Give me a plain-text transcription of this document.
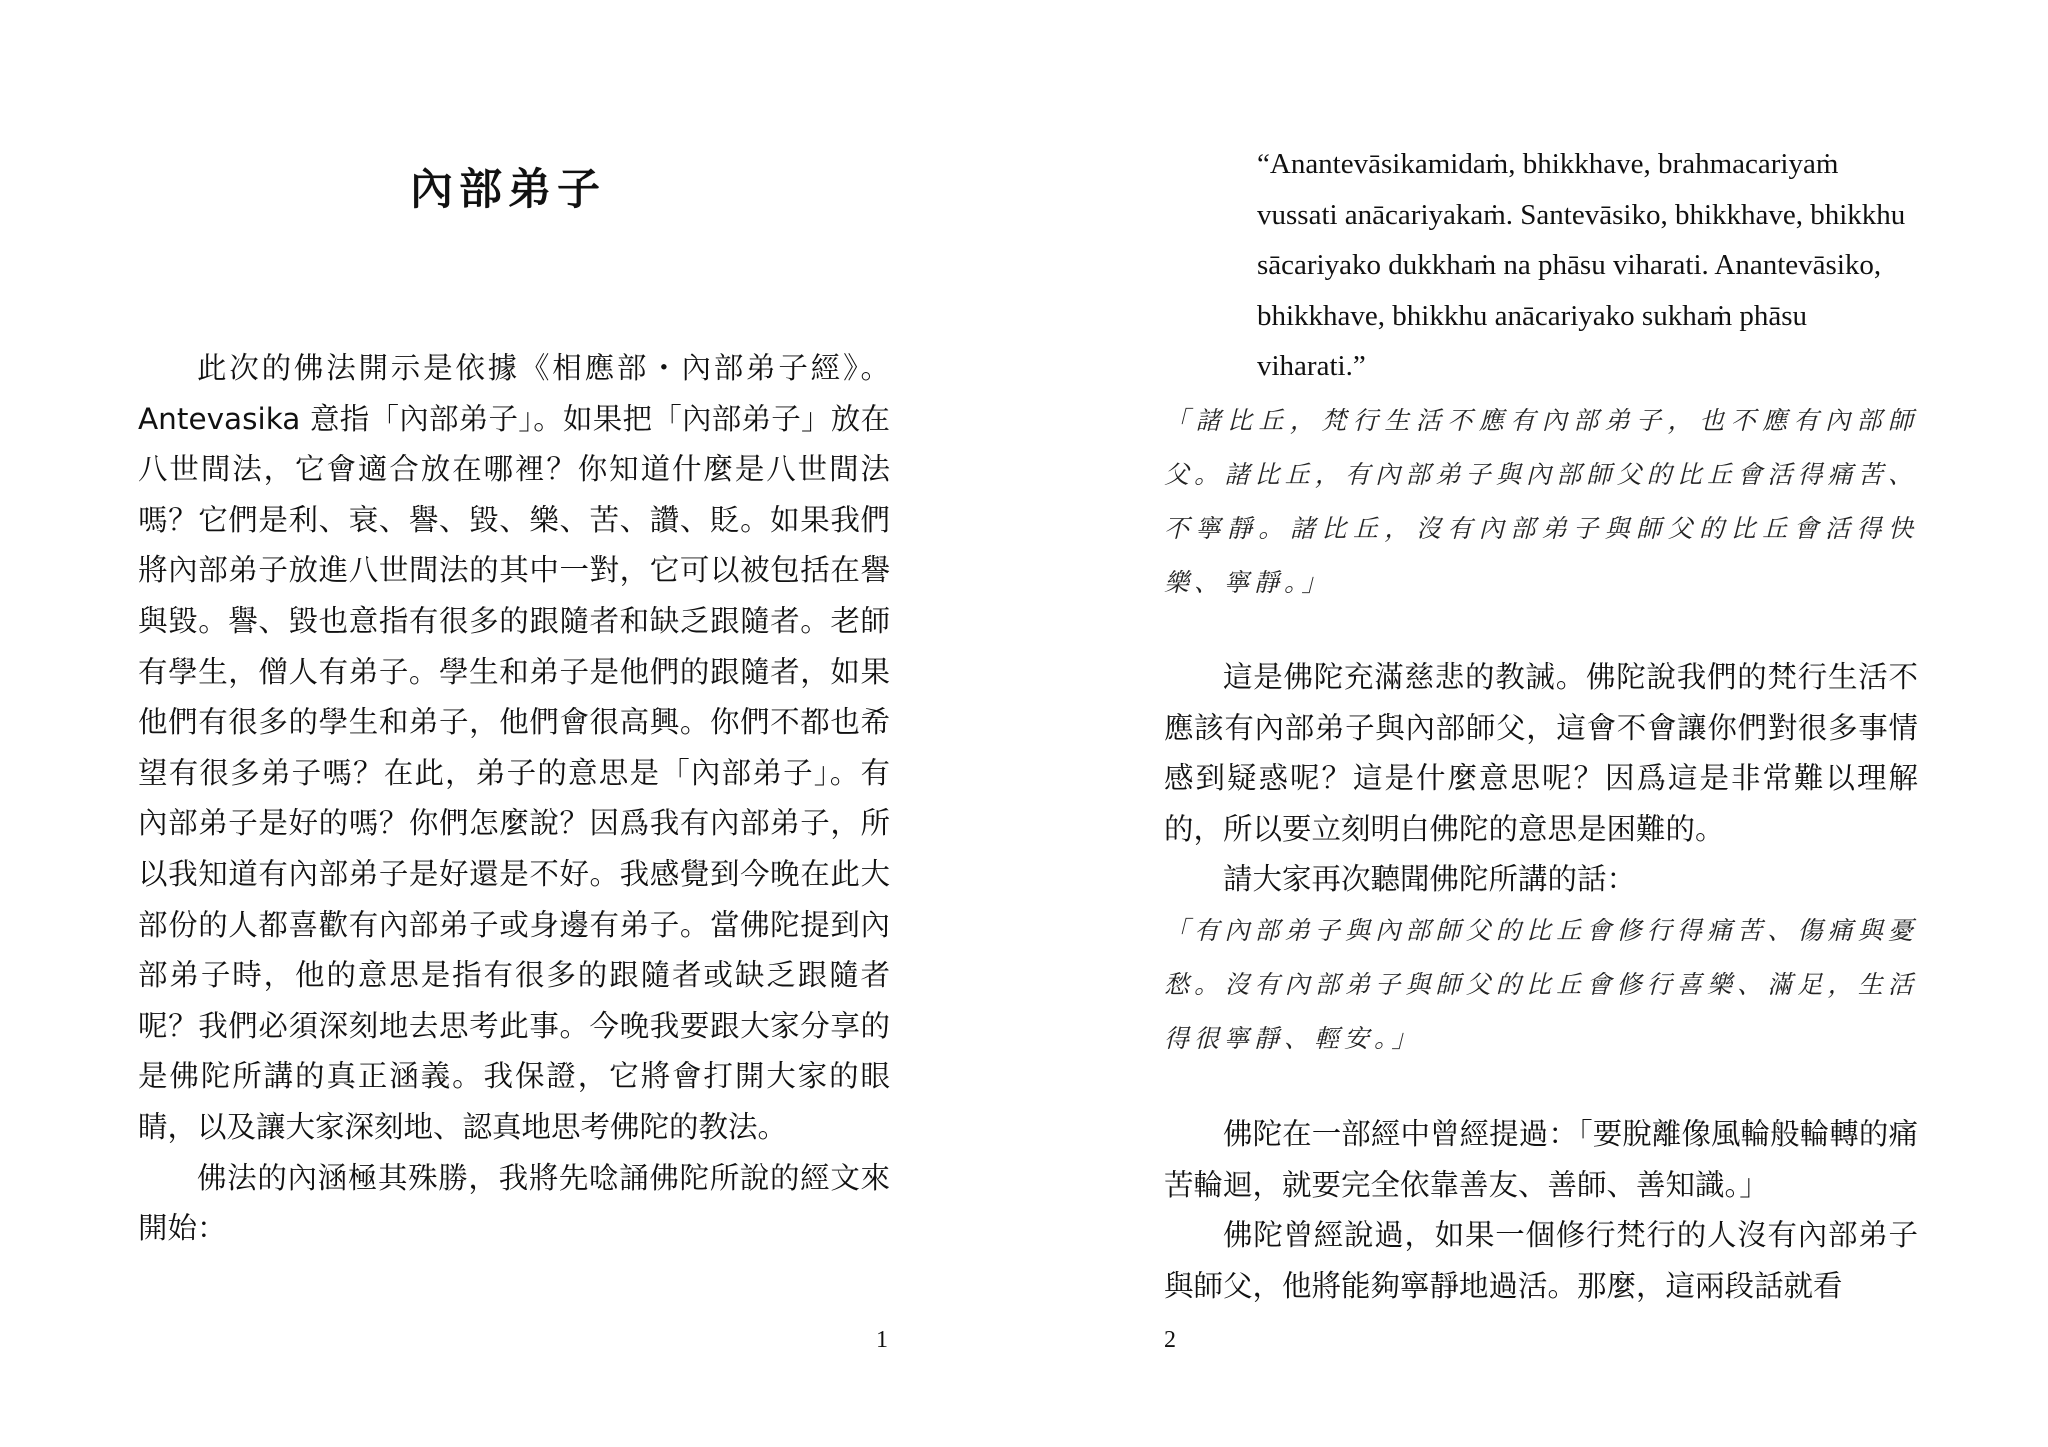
內部弟子

此次的佛法開示是依據《相應部・內部弟子經》。Antevasika 意指「內部弟子」。如果把「內部弟子」放在八世間法，它會適合放在哪裡？你知道什麼是八世間法嗎？它們是利、衰、譽、毀、樂、苦、讚、貶。如果我們將內部弟子放進八世間法的其中一對，它可以被包括在譽與毀。譽、毀也意指有很多的跟隨者和缺乏跟隨者。老師有學生，僧人有弟子。學生和弟子是他們的跟隨者，如果他們有很多的學生和弟子，他們會很高興。你們不都也希望有很多弟子嗎？在此，弟子的意思是「內部弟子」。有內部弟子是好的嗎？你們怎麼說？因爲我有內部弟子，所以我知道有內部弟子是好還是不好。我感覺到今晚在此大部份的人都喜歡有內部弟子或身邊有弟子。當佛陀提到內部弟子時，他的意思是指有很多的跟隨者或缺乏跟隨者呢？我們必須深刻地去思考此事。今晚我要跟大家分享的是佛陀所講的真正涵義。我保證，它將會打開大家的眼睛，以及讓大家深刻地、認真地思考佛陀的教法。

佛法的內涵極其殊勝，我將先唸誦佛陀所說的經文來開始：

1

“Anantevāsikamidaṁ, bhikkhave, brahmacariyaṁ vussati anācariyakaṁ. Santevāsiko, bhikkhave, bhikkhu sācariyako dukkhaṁ na phāsu viharati. Anantevāsiko, bhikkhave, bhikkhu anācariyako sukhaṁ phāsu viharati.”

「諸比丘，梵行生活不應有內部弟子，也不應有內部師父。諸比丘，有內部弟子與內部師父的比丘會活得痛苦、不寧靜。諸比丘，沒有內部弟子與師父的比丘會活得快樂、寧靜。」

這是佛陀充滿慈悲的教誡。佛陀說我們的梵行生活不應該有內部弟子與內部師父，這會不會讓你們對很多事情感到疑惑呢？這是什麼意思呢？因爲這是非常難以理解的，所以要立刻明白佛陀的意思是困難的。

請大家再次聽聞佛陀所講的話：

「有內部弟子與內部師父的比丘會修行得痛苦、傷痛與憂愁。沒有內部弟子與師父的比丘會修行喜樂、滿足，生活得很寧靜、輕安。」

佛陀在一部經中曾經提過：「要脫離像風輪般輪轉的痛苦輪迴，就要完全依靠善友、善師、善知識。」

佛陀曾經說過，如果一個修行梵行的人沒有內部弟子與師父，他將能夠寧靜地過活。那麼，這兩段話就看

2
